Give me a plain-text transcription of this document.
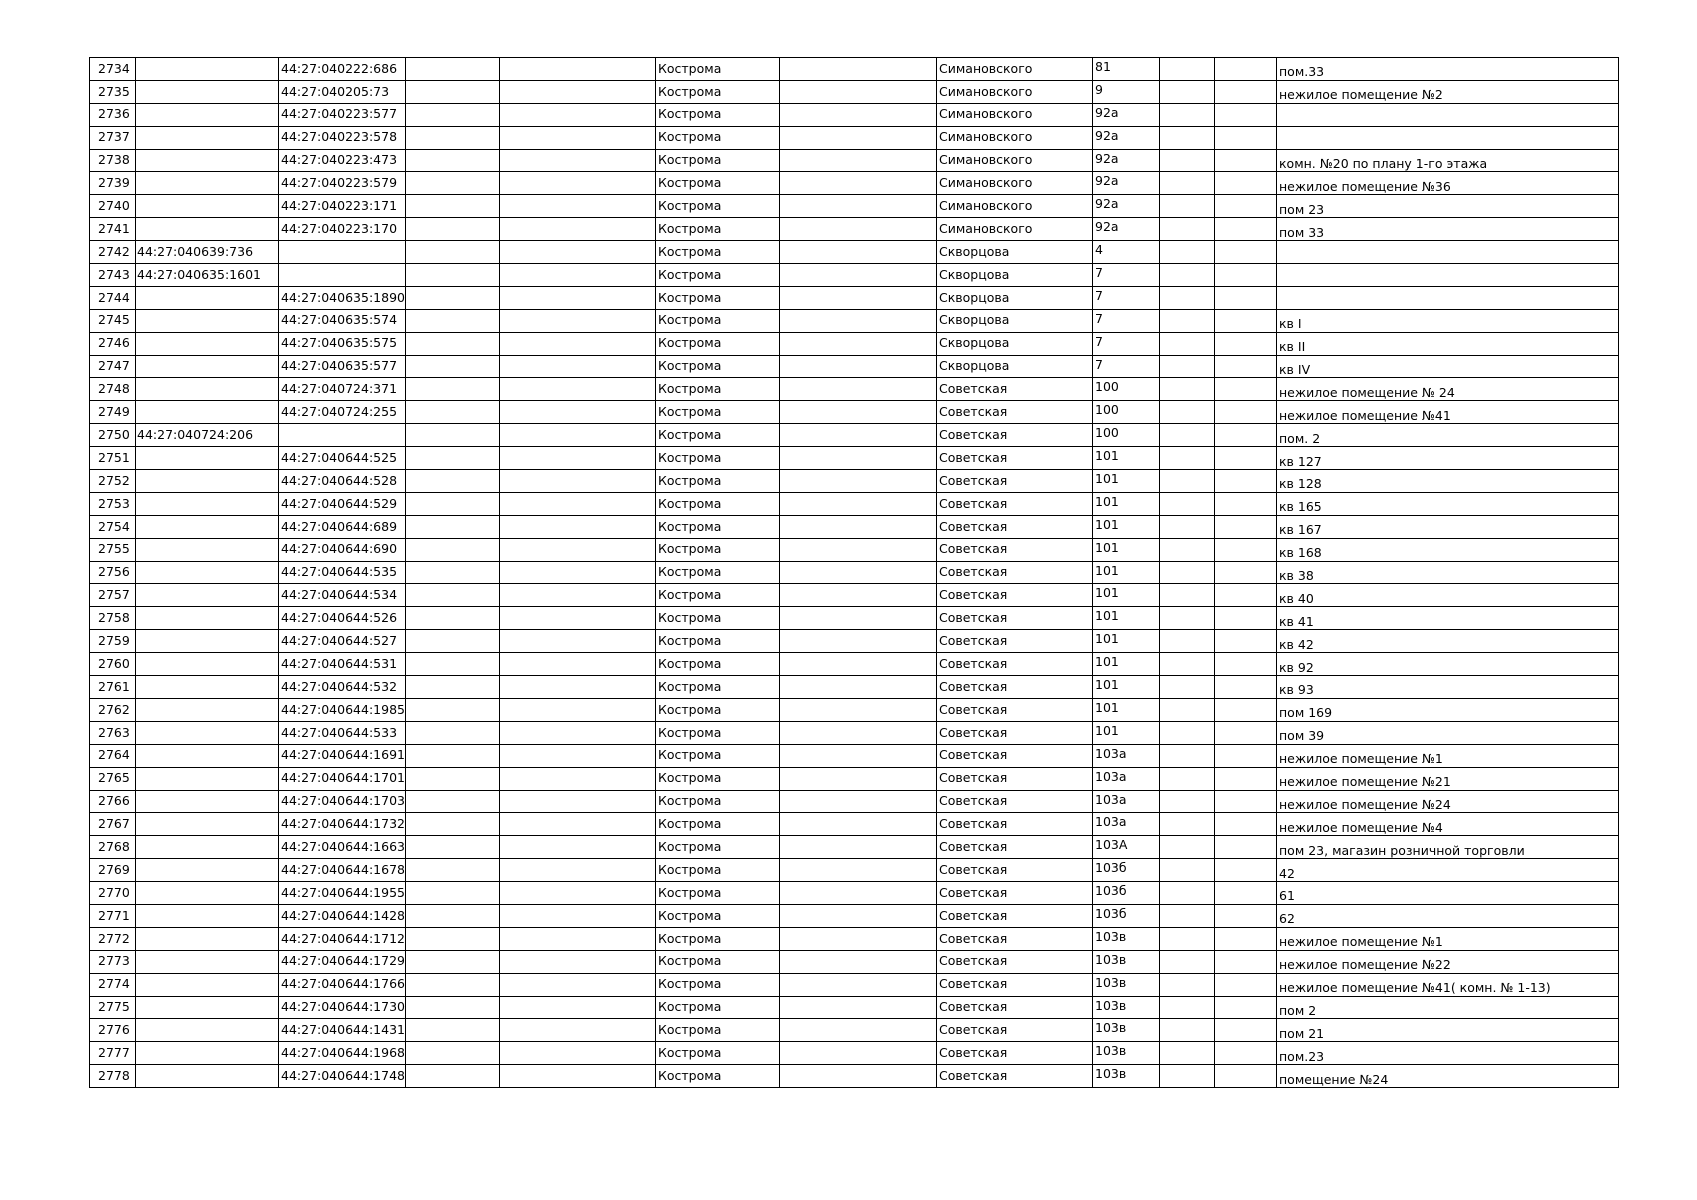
2734		44:27:040222:686			Кострома		Симановского	81			пом.33
2735		44:27:040205:73			Кострома		Симановского	9			нежилое помещение №2
2736		44:27:040223:577			Кострома		Симановского	92а			
2737		44:27:040223:578			Кострома		Симановского	92а			
2738		44:27:040223:473			Кострома		Симановского	92а			комн. №20 по плану 1-го этажа
2739		44:27:040223:579			Кострома		Симановского	92а			нежилое помещение №36
2740		44:27:040223:171			Кострома		Симановского	92а			пом 23
2741		44:27:040223:170			Кострома		Симановского	92а			пом 33
2742	44:27:040639:736				Кострома		Скворцова	4			
2743	44:27:040635:1601				Кострома		Скворцова	7			
2744		44:27:040635:1890			Кострома		Скворцова	7			
2745		44:27:040635:574			Кострома		Скворцова	7			кв I
2746		44:27:040635:575			Кострома		Скворцова	7			кв II
2747		44:27:040635:577			Кострома		Скворцова	7			кв IV
2748		44:27:040724:371			Кострома		Советская	100			нежилое помещение № 24
2749		44:27:040724:255			Кострома		Советская	100			нежилое помещение №41
2750	44:27:040724:206				Кострома		Советская	100			пом. 2
2751		44:27:040644:525			Кострома		Советская	101			кв 127
2752		44:27:040644:528			Кострома		Советская	101			кв 128
2753		44:27:040644:529			Кострома		Советская	101			кв 165
2754		44:27:040644:689			Кострома		Советская	101			кв 167
2755		44:27:040644:690			Кострома		Советская	101			кв 168
2756		44:27:040644:535			Кострома		Советская	101			кв 38
2757		44:27:040644:534			Кострома		Советская	101			кв 40
2758		44:27:040644:526			Кострома		Советская	101			кв 41
2759		44:27:040644:527			Кострома		Советская	101			кв 42
2760		44:27:040644:531			Кострома		Советская	101			кв 92
2761		44:27:040644:532			Кострома		Советская	101			кв 93
2762		44:27:040644:1985			Кострома		Советская	101			пом 169
2763		44:27:040644:533			Кострома		Советская	101			пом 39
2764		44:27:040644:1691			Кострома		Советская	103а			нежилое помещение №1
2765		44:27:040644:1701			Кострома		Советская	103а			нежилое помещение №21
2766		44:27:040644:1703			Кострома		Советская	103а			нежилое помещение №24
2767		44:27:040644:1732			Кострома		Советская	103а			нежилое помещение №4
2768		44:27:040644:1663			Кострома		Советская	103А			пом 23, магазин розничной торговли
2769		44:27:040644:1678			Кострома		Советская	103б			42
2770		44:27:040644:1955			Кострома		Советская	103б			61
2771		44:27:040644:1428			Кострома		Советская	103б			62
2772		44:27:040644:1712			Кострома		Советская	103в			нежилое помещение №1
2773		44:27:040644:1729			Кострома		Советская	103в			нежилое помещение №22
2774		44:27:040644:1766			Кострома		Советская	103в			нежилое помещение №41( комн. № 1-13)
2775		44:27:040644:1730			Кострома		Советская	103в			пом 2
2776		44:27:040644:1431			Кострома		Советская	103в			пом 21
2777		44:27:040644:1968			Кострома		Советская	103в			пом.23
2778		44:27:040644:1748			Кострома		Советская	103в			помещение №24
